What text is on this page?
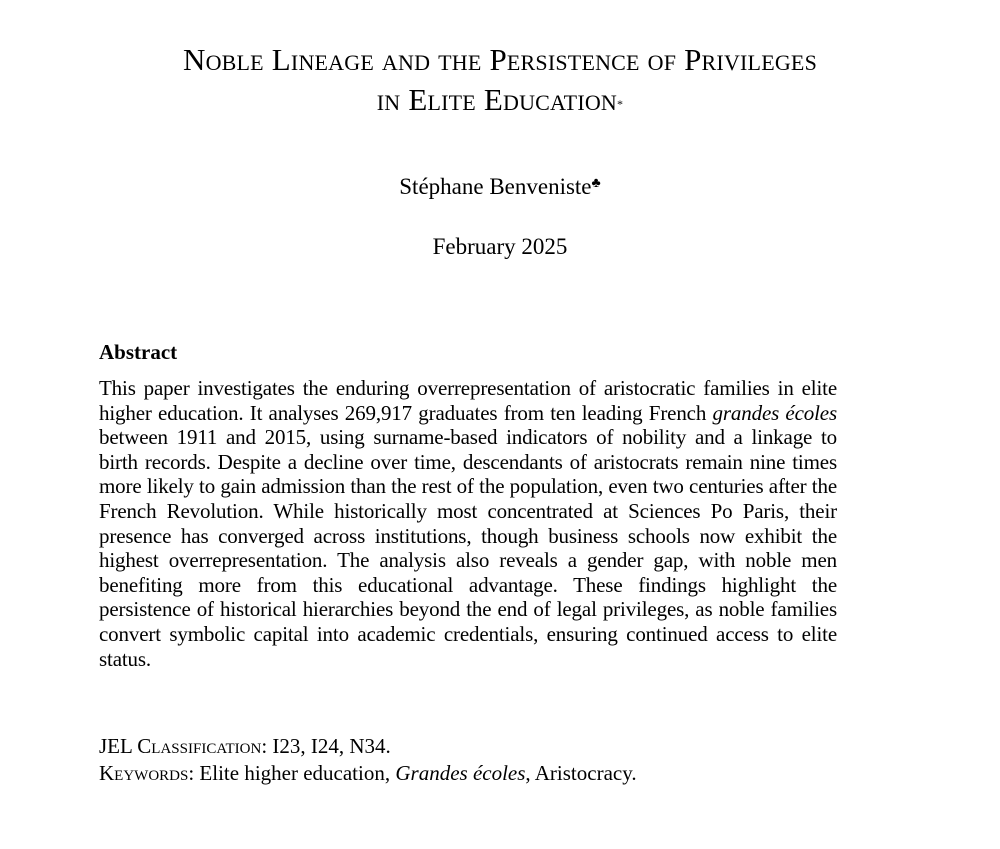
Noble Lineage and the Persistence of Privileges
in Elite Education*
Stéphane Benveniste♣
February 2025
Abstract
This paper investigates the enduring overrepresentation of aristocratic families in elite higher education. It analyses 269,917 graduates from ten leading French grandes écoles between 1911 and 2015, using surname-based indicators of nobility and a linkage to birth records. Despite a decline over time, descendants of aristocrats remain nine times more likely to gain admission than the rest of the population, even two centuries after the French Revolution. While historically most concentrated at Sciences Po Paris, their presence has converged across institutions, though business schools now exhibit the highest overrepresentation. The analysis also reveals a gender gap, with noble men benefiting more from this educational advantage. These findings highlight the persistence of historical hierarchies beyond the end of legal privileges, as noble families convert symbolic capital into academic credentials, ensuring continued access to elite status.
JEL Classification: I23, I24, N34.
Keywords: Elite higher education, Grandes écoles, Aristocracy.
